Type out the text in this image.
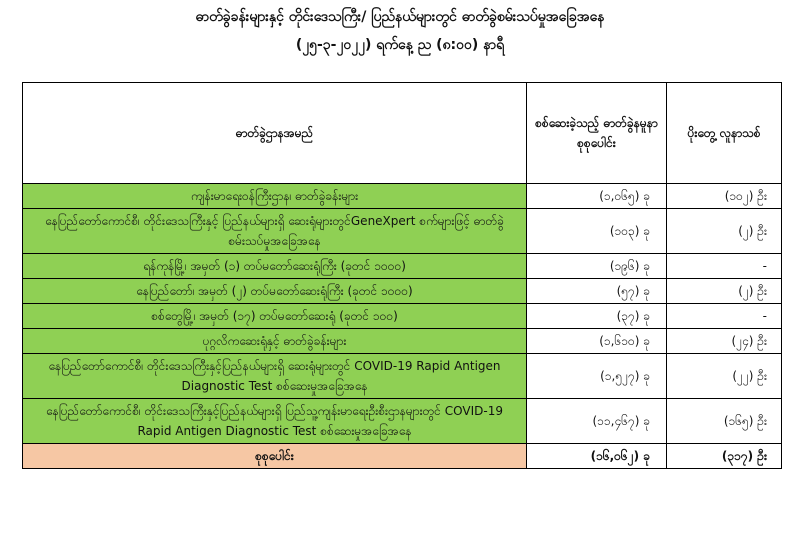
ဓာတ်ခွဲခန်းများနှင့် တိုင်းဒေသကြီး/ ပြည်နယ်များတွင် ဓာတ်ခွဲစမ်းသပ်မှုအခြေအနေ
(၂၅-၃-၂၀၂၂) ရက်နေ့ ည (၈:၀၀) နာရီ
ဓာတ်ခွဲဌာနအမည်	စစ်ဆေးခဲ့သည့် ဓာတ်ခွဲနမူနာ စုစုပေါင်း	ပိုးတွေ့ လူနာသစ်
ကျန်းမာရေးဝန်ကြီးဌာန၊ ဓာတ်ခွဲခန်းများ	(၁,၀၆၅) ခု	(၁၀၂) ဦး
နေပြည်တော်ကောင်စီ၊ တိုင်းဒေသကြီးနှင့် ပြည်နယ်များရှိ ဆေးရုံများတွင်GeneXpert စက်များဖြင့် ဓာတ်ခွဲစမ်းသပ်မှုအခြေအနေ	(၁၀၃) ခု	(၂) ဦး
ရန်ကုန်မြို့၊ အမှတ် (၁) တပ်မတော်ဆေးရုံကြီး (ခုတင် ၁၀၀၀)	(၁၉၆) ခု	-
နေပြည်တော်၊ အမှတ် (၂) တပ်မတော်ဆေးရုံကြီး (ခုတင် ၁၀၀၀)	(၅၇) ခု	(၂) ဦး
စစ်တွေမြို့၊ အမှတ် (၁၇) တပ်မတော်ဆေးရုံ (ခုတင် ၁၀၀)	(၃၇) ခု	-
ပုဂ္ဂလိကဆေးရုံနှင့် ဓာတ်ခွဲခန်းများ	(၁,၆၁၀) ခု	(၂၄) ဦး
နေပြည်တော်ကောင်စီ၊ တိုင်းဒေသကြီးနှင့်ပြည်နယ်များရှိ ဆေးရုံများတွင် COVID-19 Rapid Antigen Diagnostic Test စစ်ဆေးမှုအခြေအနေ	(၁,၅၂၇) ခု	(၂၂) ဦး
နေပြည်တော်ကောင်စီ၊ တိုင်းဒေသကြီးနှင့်ပြည်နယ်များရှိ ပြည်သူ့ကျန်းမာရေးဦးစီးဌာနများတွင် COVID-19 Rapid Antigen Diagnostic Test စစ်ဆေးမှုအခြေအနေ	(၁၁,၄၆၇) ခု	(၁၆၅) ဦး
စုစုပေါင်း	(၁၆,၀၆၂) ခု	(၃၁၇) ဦး
